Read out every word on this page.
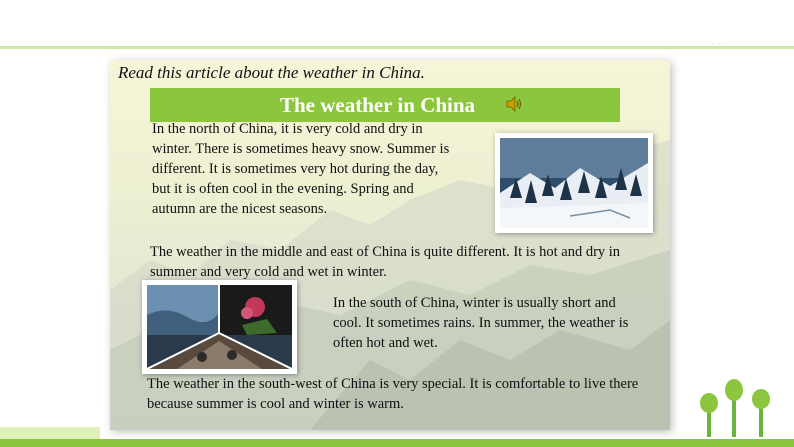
· ·
Read this article about the weather in China.
The weather in China
In the north of China, it is very cold and dry in winter. There is sometimes heavy snow. Summer is different. It is sometimes very hot during the day, but it is often cool in the evening. Spring and autumn are the nicest seasons.
The weather in the middle and east of China is quite different. It is hot and dry in summer and very cold and wet in winter.
In the south of China, winter is usually short and cool. It sometimes rains. In summer, the weather is often hot and wet.
The weather in the south-west of China is very special. It is comfortable to live there because summer is cool and winter is warm.
